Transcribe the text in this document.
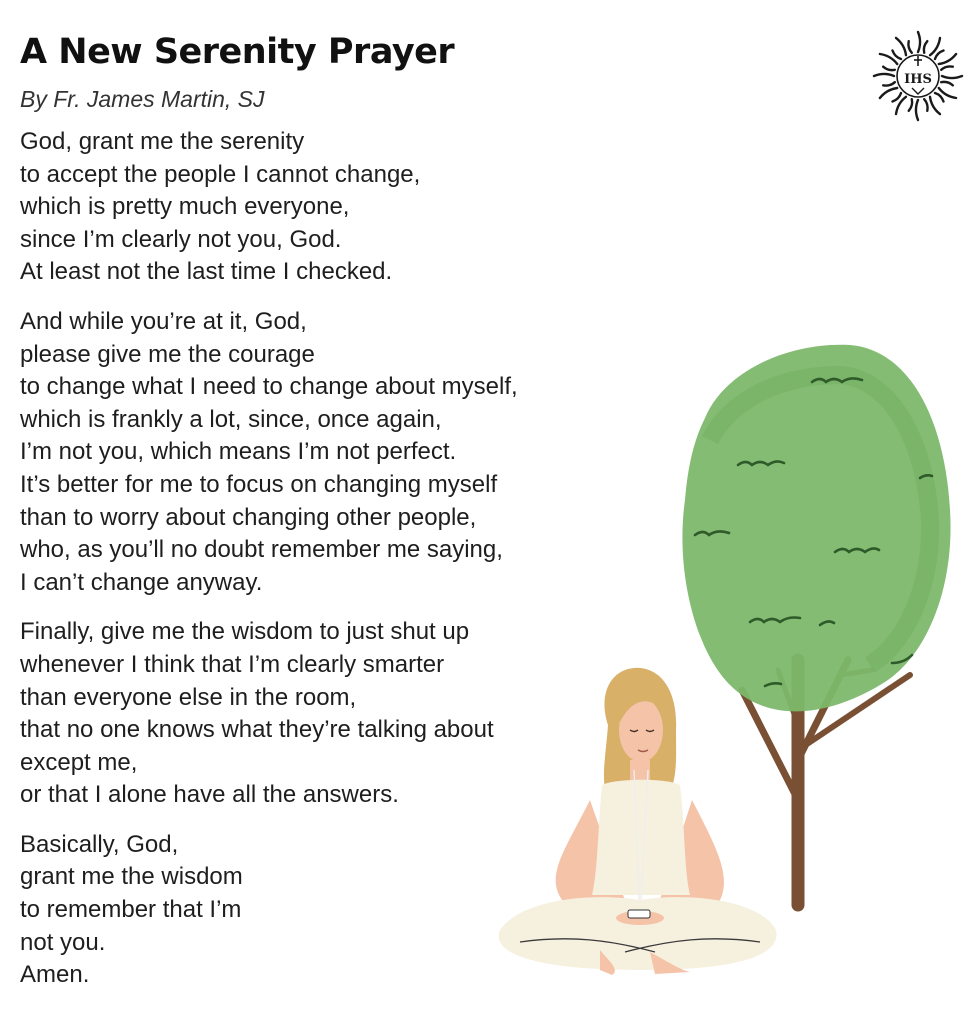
A New Serenity Prayer
By Fr. James Martin, SJ
God, grant me the serenity
to accept the people I cannot change,
which is pretty much everyone,
since I’m clearly not you, God.
At least not the last time I checked.
And while you’re at it, God,
please give me the courage
to change what I need to change about myself,
which is frankly a lot, since, once again,
I’m not you, which means I’m not perfect.
It’s better for me to focus on changing myself
than to worry about changing other people,
who, as you’ll no doubt remember me saying,
I can’t change anyway.
Finally, give me the wisdom to just shut up
whenever I think that I’m clearly smarter
than everyone else in the room,
that no one knows what they’re talking about
except me,
or that I alone have all the answers.
Basically, God,
grant me the wisdom
to remember that I’m
not you.
Amen.
IHS
